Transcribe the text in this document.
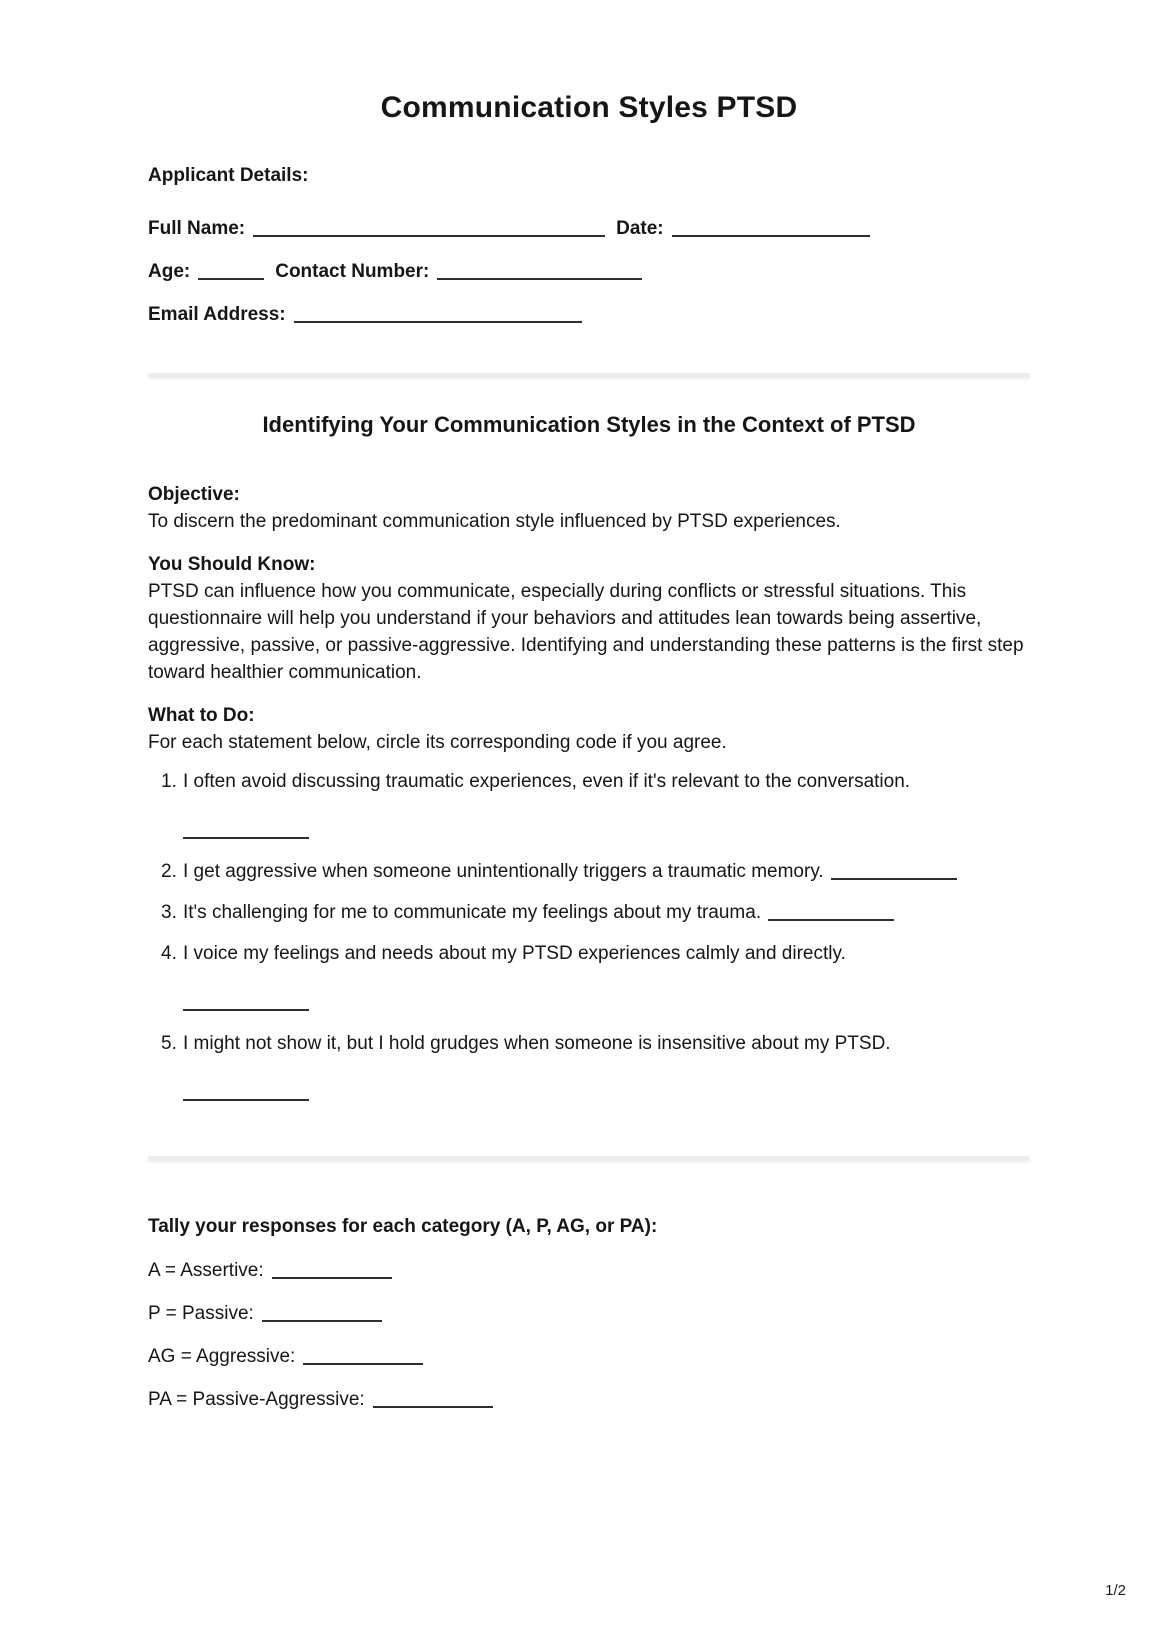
Communication Styles PTSD
Applicant Details:
Full Name:	Date:
Age:	Contact Number:
Email Address:
Identifying Your Communication Styles in the Context of PTSD

Objective:

To discern the predominant communication style influenced by PTSD experiences.

You Should Know:

PTSD can influence how you communicate, especially during conflicts or stressful situations. This questionnaire will help you understand if your behaviors and attitudes lean towards being assertive, aggressive, passive, or passive-aggressive. Identifying and understanding these patterns is the first step toward healthier communication.

What to Do:

For each statement below, circle its corresponding code if you agree.

1. I often avoid discussing traumatic experiences, even if it's relevant to the conversation.
2. I get aggressive when someone unintentionally triggers a traumatic memory.
3. It's challenging for me to communicate my feelings about my trauma.
4. I voice my feelings and needs about my PTSD experiences calmly and directly.
5. I might not show it, but I hold grudges when someone is insensitive about my PTSD.
Tally your responses for each category (A, P, AG, or PA):
A = Assertive:
P = Passive:
AG = Aggressive:
PA = Passive-Aggressive:
1/2
